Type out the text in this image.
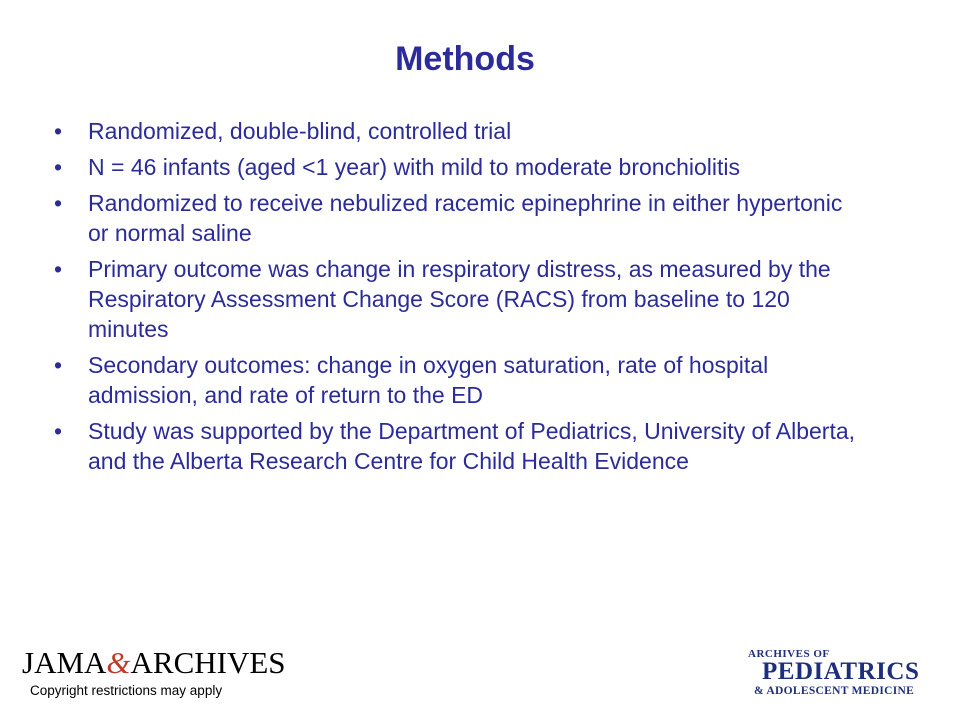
Methods
• Randomized, double-blind, controlled trial
• N = 46 infants (aged <1 year) with mild to moderate bronchiolitis
• Randomized to receive nebulized racemic epinephrine in either hypertonic or normal saline
• Primary outcome was change in respiratory distress, as measured by the Respiratory Assessment Change Score (RACS) from baseline to 120 minutes
• Secondary outcomes: change in oxygen saturation, rate of hospital admission, and rate of return to the ED
• Study was supported by the Department of Pediatrics, University of Alberta, and the Alberta Research Centre for Child Health Evidence
JAMA&ARCHIVES
Copyright restrictions may apply
ARCHIVES OF
PEDIATRICS
& ADOLESCENT MEDICINE
